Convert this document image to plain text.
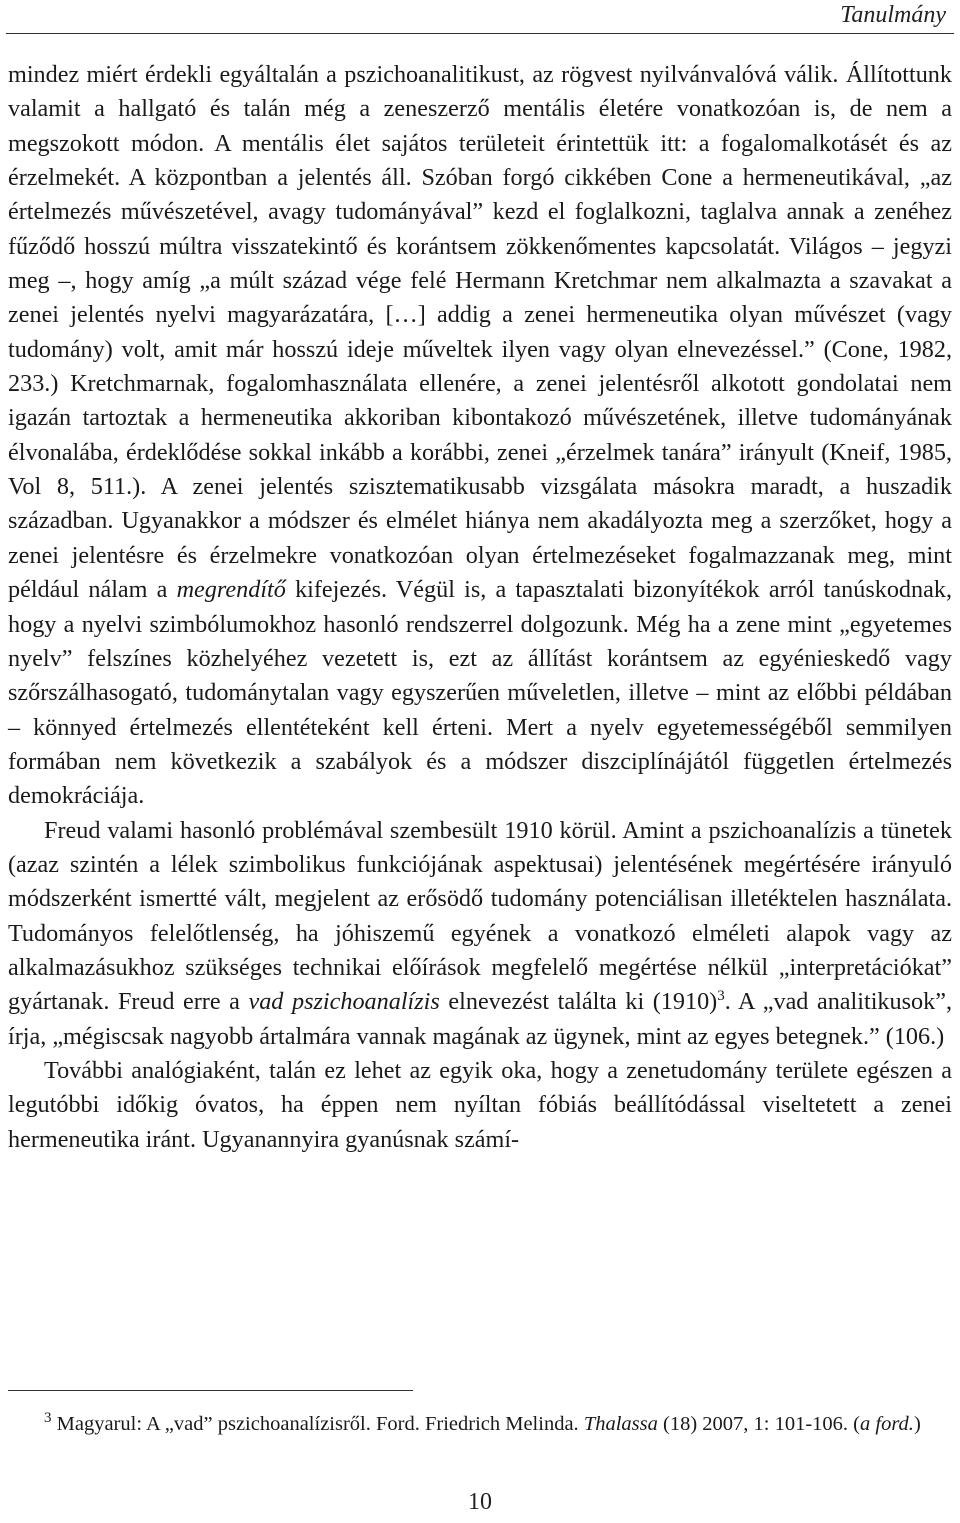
Tanulmány

mindez miért érdekli egyáltalán a pszichoanalitikust, az rögvest nyilvánvalóvá válik. Állítottunk valamit a hallgató és talán még a zeneszerző mentális életére vonatkozóan is, de nem a megszokott módon. A mentális élet sajátos területeit érintettük itt: a fogalomalkotásét és az érzelmekét. A központban a jelentés áll. Szóban forgó cikkében Cone a hermeneutikával, „az értelmezés művészetével, avagy tudományával” kezd el foglalkozni, taglalva annak a zenéhez fűződő hosszú múltra visszatekintő és korántsem zökkenőmentes kapcsolatát. Világos – jegyzi meg –, hogy amíg „a múlt század vége felé Hermann Kretchmar nem alkalmazta a szavakat a zenei jelentés nyelvi magyarázatára, […] addig a zenei hermeneutika olyan művészet (vagy tudomány) volt, amit már hosszú ideje műveltek ilyen vagy olyan elnevezéssel.” (Cone, 1982, 233.) Kretchmarnak, fogalomhasználata ellenére, a zenei jelentésről alkotott gondolatai nem igazán tartoztak a hermeneutika akkoriban kibontakozó művészetének, illetve tudományának élvonalába, érdeklődése sokkal inkább a korábbi, zenei „érzelmek tanára” irányult (Kneif, 1985, Vol 8, 511.). A zenei jelentés szisztematikusabb vizsgálata másokra maradt, a huszadik században. Ugyanakkor a módszer és elmélet hiánya nem akadályozta meg a szerzőket, hogy a zenei jelentésre és érzelmekre vonatkozóan olyan értelmezéseket fogalmazzanak meg, mint például nálam a megrendítő kifejezés. Végül is, a tapasztalati bizonyítékok arról tanúskodnak, hogy a nyelvi szimbólumokhoz hasonló rendszerrel dolgozunk. Még ha a zene mint „egyetemes nyelv” felszínes közhelyéhez vezetett is, ezt az állítást korántsem az egyénieskedő vagy szőrszálhasogató, tudománytalan vagy egyszerűen műveletlen, illetve – mint az előbbi példában – könnyed értelmezés ellentéteként kell érteni. Mert a nyelv egyetemességéből semmilyen formában nem következik a szabályok és a módszer diszciplínájától független értelmezés demokráciája.

Freud valami hasonló problémával szembesült 1910 körül. Amint a pszichoanalízis a tünetek (azaz szintén a lélek szimbolikus funkciójának aspektusai) jelentésének megértésére irányuló módszerként ismertté vált, megjelent az erősödő tudomány potenciálisan illetéktelen használata. Tudományos felelőtlenség, ha jóhiszemű egyének a vonatkozó elméleti alapok vagy az alkalmazásukhoz szükséges technikai előírások megfelelő megértése nélkül „interpretációkat” gyártanak. Freud erre a vad pszichoanalízis elnevezést találta ki $(1910)^3$. A „vad analitikusok”, írja, „mégiscsak nagyobb ártalmára vannak magának az ügynek, mint az egyes betegnek.” (106.)

További analógiaként, talán ez lehet az egyik oka, hogy a zenetudomány területe egészen a legutóbbi időkig óvatos, ha éppen nem nyíltan fóbiás beállítódással viseltetett a zenei hermeneutika iránt. Ugyanannyira gyanúsnak számí-

$^3$ Magyarul: A „vad” pszichoanalízisről. Ford. Friedrich Melinda. Thalassa (18) 2007, 1: 101-106. (a ford.)

10
